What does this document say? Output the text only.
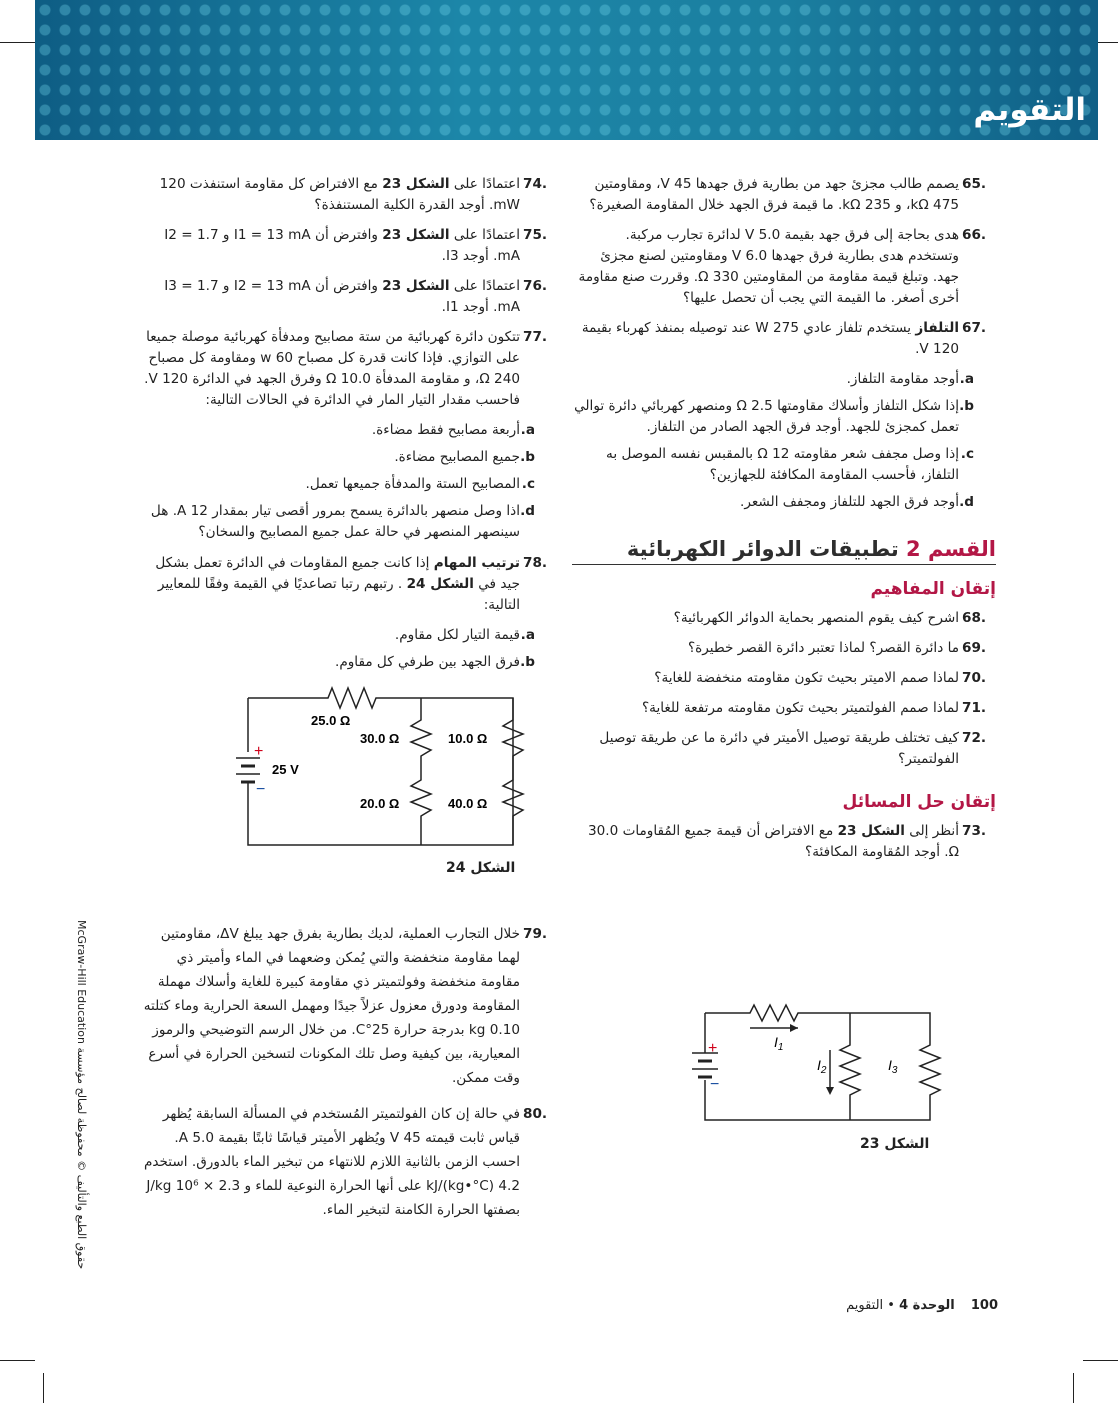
التقويم
65.
يصمم طالب مجزئ جهد من بطارية فرق جهدها 45 V، ومقاومتين 475 kΩ، و 235 kΩ. ما قيمة فرق الجهد خلال المقاومة الصغيرة؟
66.
هدى بحاجة إلى فرق جهد بقيمة 5.0 V لدائرة تجارب مركبة. وتستخدم هدى بطارية فرق جهدها 6.0 V ومقاومتين لصنع مجزئ جهد. وتبلغ قيمة مقاومة من المقاومتين 330 Ω. وقررت صنع مقاومة أخرى أصغر. ما القيمة التي يجب أن تحصل عليها؟
67.
التلفاز يستخدم تلفاز عادي 275 W عند توصيله بمنفذ كهرباء بقيمة 120 V.
a.
أوجد مقاومة التلفاز.
b.
إذا شكل التلفاز وأسلاك مقاومتها 2.5 Ω ومنصهر كهربائي دائرة توالي تعمل كمجزئ للجهد. أوجد فرق الجهد الصادر من التلفاز.
c.
إذا وصل مجفف شعر مقاومته 12 Ω بالمقبس نفسه الموصل به التلفاز، فأحسب المقاومة المكافئة للجهازين؟
d.
أوجد فرق الجهد للتلفاز ومجفف الشعر.
القسم 2 تطبيقات الدوائر الكهربائية
إتقان المفاهيم
68.
اشرح كيف يقوم المنصهر بحماية الدوائر الكهربائية؟
69.
ما دائرة القصر؟ لماذا تعتبر دائرة القصر خطيرة؟
70.
لماذا صمم الاميتر بحيث تكون مقاومته منخفضة للغاية؟
71.
لماذا صمم الفولتميتر بحيث تكون مقاومته مرتفعة للغاية؟
72.
كيف تختلف طريقة توصيل الأميتر في دائرة ما عن طريقة توصيل الفولتميتر؟
إتقان حل المسائل
73.
أنظر إلى الشكل 23 مع الافتراض أن قيمة جميع المُقاومات 30.0 Ω. أوجد المُقاومة المكافئة؟
+
−
$I_1$
$I_2$	$I_3$
الشكل 23
74.
اعتمادًا على الشكل 23 مع الافتراض كل مقاومة استنفذت 120 mW. أوجد القدرة الكلية المستنفذة؟
75.
اعتمادًا على الشكل 23 وافترض أن I1 = 13 mA و I2 = 1.7 mA. أوجد I3.
76.
اعتمادًا على الشكل 23 وافترض أن I2 = 13 mA و I3 = 1.7 mA. أوجد I1.
77.
تتكون دائرة كهربائية من ستة مصابيح ومدفأة كهربائية موصلة جميعا على التوازي. فإذا كانت قدرة كل مصباح 60 w ومقاومة كل مصباح 240 Ω، و مقاومة المدفأة 10.0 Ω وفرق الجهد في الدائرة 120 V. فاحسب مقدار التيار المار في الدائرة في الحالات التالية:
a.
أربعة مصابيح فقط مضاءة.
b.
جميع المصابيح مضاءة.
c.
المصابيح الستة والمدفأة جميعها تعمل.
d.
اذا وصل منصهر بالدائرة يسمح بمرور أقصى تيار بمقدار 12 A. هل سينصهر المنصهر في حالة عمل جميع المصابيح والسخان؟
78.
ترتيب المهام إذا كانت جميع المقاومات في الدائرة تعمل بشكل جيد في الشكل 24 . رتبهم رتبا تصاعديًا في القيمة وفقًا للمعايير التالية:
a.
قيمة التيار لكل مقاوم.
b.
فرق الجهد بين طرفي كل مقاوم.
+
−
25 V
25.0 Ω
30.0 Ω	10.0 Ω
20.0 Ω	40.0 Ω
الشكل 24
79.
خلال التجارب العملية، لديك بطارية بفرق جهد يبلغ ΔV، مقاومتين لهما مقاومة منخفضة والتي يُمكن وضعهما في الماء وأميتر ذي مقاومة منخفضة وفولتميتر ذي مقاومة كبيرة للغاية وأسلاك مهملة المقاومة ودورق معزول عزلاً جيدًا ومهمل السعة الحرارية وماء كتلته 0.10 kg بدرجة حرارة 25°C. من خلال الرسم التوضيحي والرموز المعيارية، بين كيفية وصل تلك المكونات لتسخين الحرارة في أسرع وقت ممكن.
80.
في حالة إن كان الفولتميتر المُستخدم في المسألة السابقة يُظهر قياس ثابت قيمته 45 V ويُظهر الأميتر قياسًا ثابتًا بقيمة 5.0 A. احسب الزمن بالثانية اللازم للانتهاء من تبخير الماء بالدورق. استخدم 4.2 kJ/(kg•°C) على أنها الحرارة النوعية للماء و 2.3 × 10⁶ J/kg بصفتها الحرارة الكامنة لتبخير الماء.
McGraw-Hill Education حقوق الطبع والتأليف © محفوظة لصالح مؤسسة
100 الوحدة 4 • التقويم
